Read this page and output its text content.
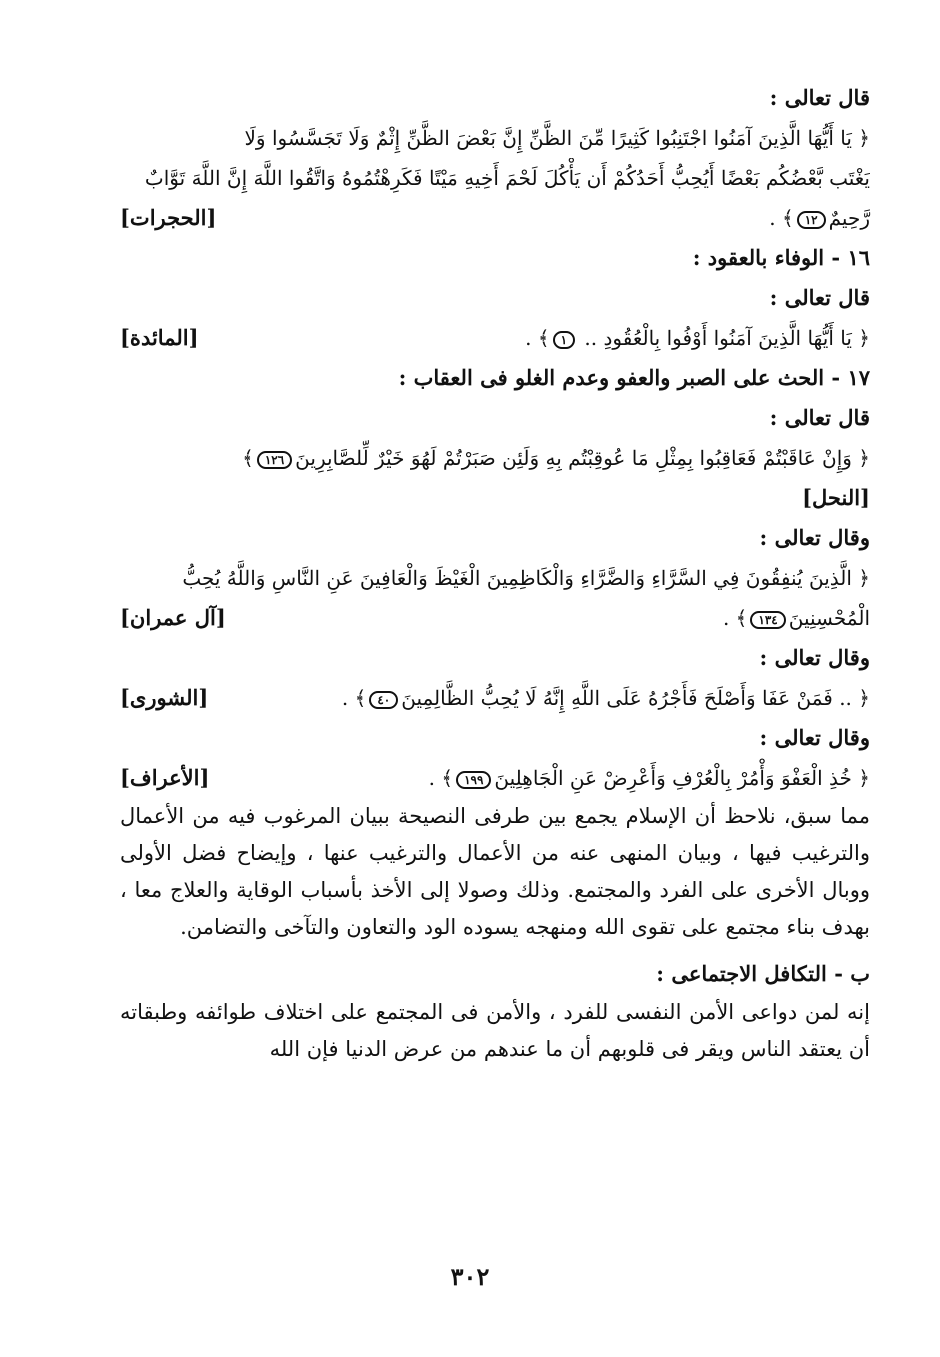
قال تعالى :
﴿ يَا أَيُّهَا الَّذِينَ آمَنُوا اجْتَنِبُوا كَثِيرًا مِّنَ الظَّنِّ إِنَّ بَعْضَ الظَّنِّ إِثْمٌ وَلَا تَجَسَّسُوا وَلَا
يَغْتَب بَّعْضُكُم بَعْضًا أَيُحِبُّ أَحَدُكُمْ أَن يَأْكُلَ لَحْمَ أَخِيهِ مَيْتًا فَكَرِهْتُمُوهُ وَاتَّقُوا اللَّهَ إِنَّ اللَّهَ تَوَّابٌ
رَّحِيمٌ١٢﴾ .
[الحجرات]
١٦ - الوفاء بالعقود :
قال تعالى :
﴿ يَا أَيُّهَا الَّذِينَ آمَنُوا أَوْفُوا بِالْعُقُودِ .. ١﴾ .
[المائدة]
١٧ - الحث على الصبر والعفو وعدم الغلو فى العقاب :
قال تعالى :
﴿ وَإِنْ عَاقَبْتُمْ فَعَاقِبُوا بِمِثْلِ مَا عُوقِبْتُم بِهِ وَلَئِن صَبَرْتُمْ لَهُوَ خَيْرٌ لِّلصَّابِرِينَ١٢٦﴾
[النحل]
وقال تعالى :
﴿ الَّذِينَ يُنفِقُونَ فِي السَّرَّاءِ وَالضَّرَّاءِ وَالْكَاظِمِينَ الْغَيْظَ وَالْعَافِينَ عَنِ النَّاسِ وَاللَّهُ يُحِبُّ
الْمُحْسِنِينَ١٣٤﴾ .
[آل عمران]
وقال تعالى :
﴿ .. فَمَنْ عَفَا وَأَصْلَحَ فَأَجْرُهُ عَلَى اللَّهِ إِنَّهُ لَا يُحِبُّ الظَّالِمِينَ٤٠﴾ .
[الشورى]
وقال تعالى :
﴿ خُذِ الْعَفْوَ وَأْمُرْ بِالْعُرْفِ وَأَعْرِضْ عَنِ الْجَاهِلِينَ١٩٩﴾ .
[الأعراف]
مما سبق، نلاحظ أن الإسلام يجمع بين طرفى النصيحة ببيان المرغوب فيه من الأعمال والترغيب فيها ، وبيان المنهى عنه من الأعمال والترغيب عنها ، وإيضاح فضل الأولى ووبال الأخرى على الفرد والمجتمع. وذلك وصولا إلى الأخذ بأسباب الوقاية والعلاج معا ، بهدف بناء مجتمع على تقوى الله ومنهجه يسوده الود والتعاون والتآخى والتضامن.
ب - التكافل الاجتماعى :
إنه لمن دواعى الأمن النفسى للفرد ، والأمن فى المجتمع على اختلاف طوائفه وطبقاته أن يعتقد الناس ويقر فى قلوبهم أن ما عندهم من عرض الدنيا فإن الله
٣٠٢
